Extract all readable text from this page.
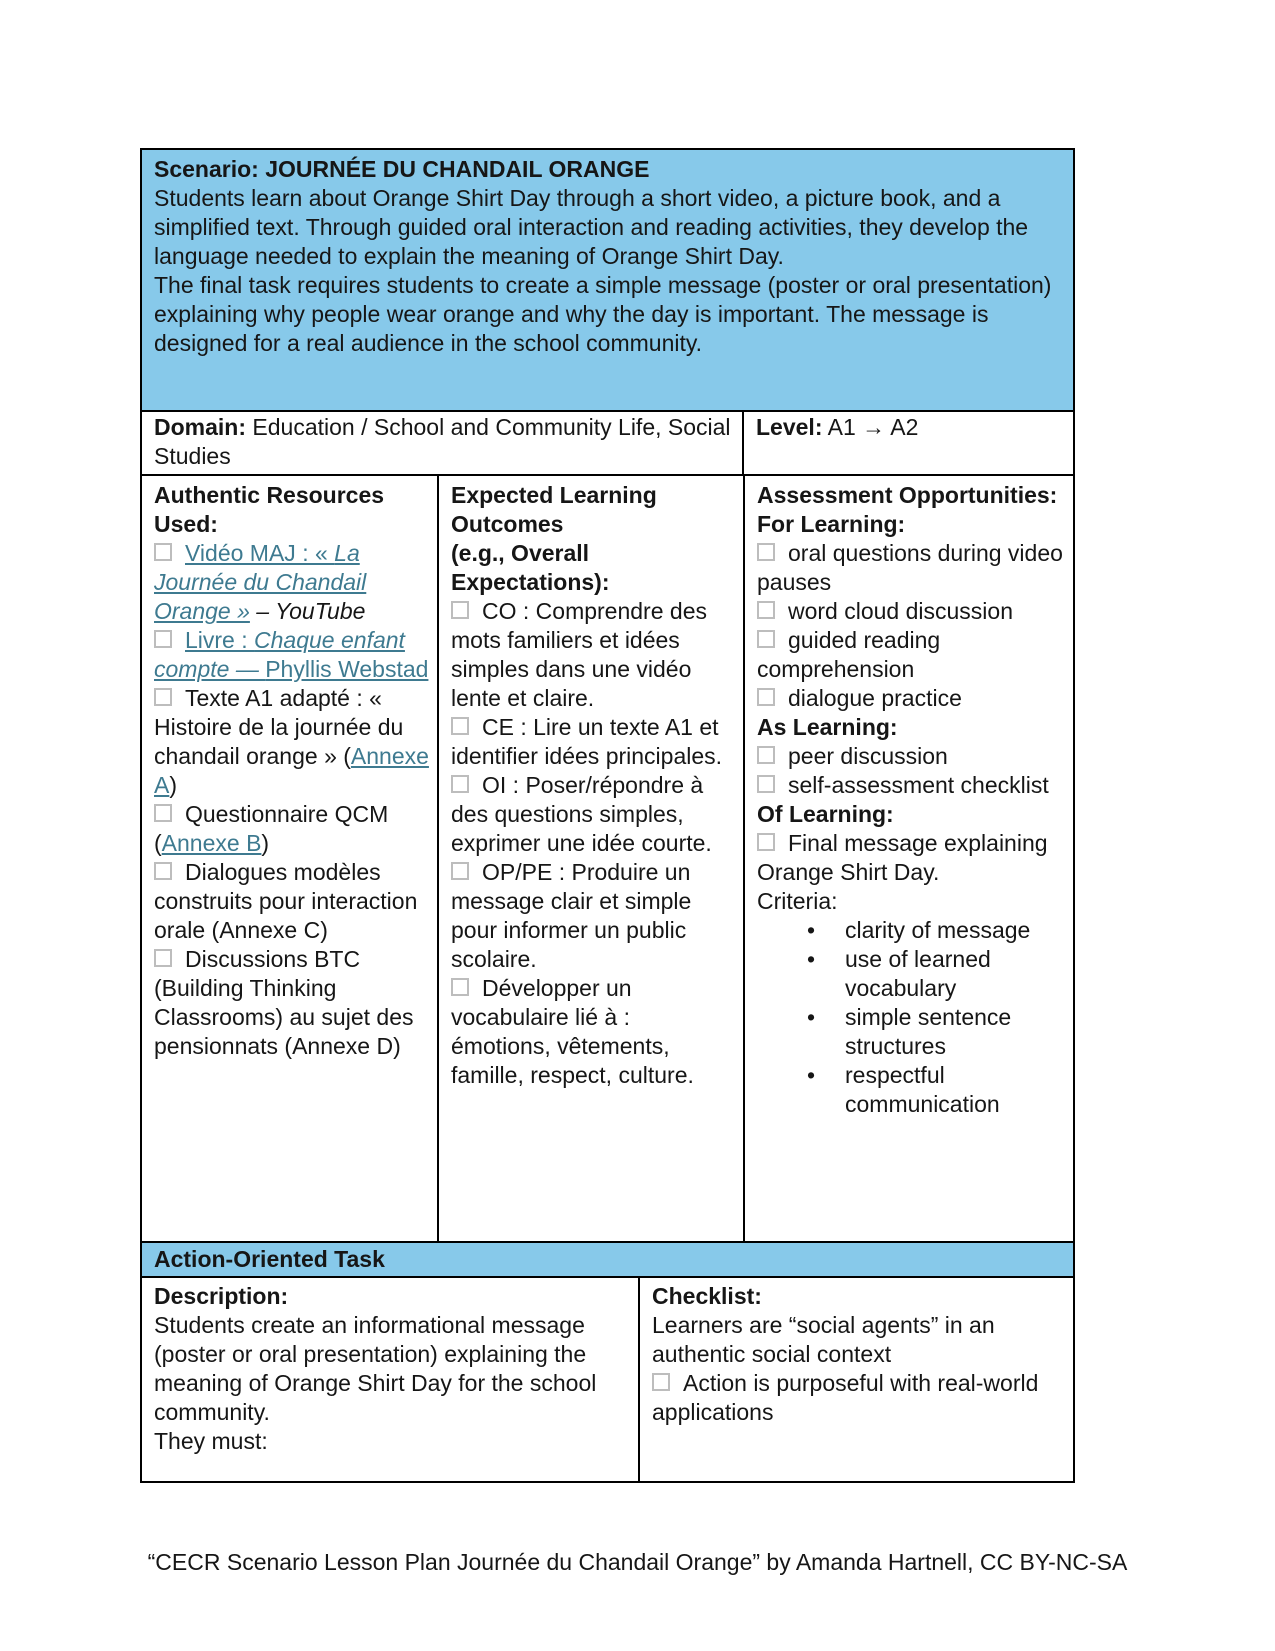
Scenario: JOURNÉE DU CHANDAIL ORANGE
Students learn about Orange Shirt Day through a short video, a picture book, and a simplified text. Through guided oral interaction and reading activities, they develop the language needed to explain the meaning of Orange Shirt Day.
The final task requires students to create a simple message (poster or oral presentation) explaining why people wear orange and why the day is important. The message is designed for a real audience in the school community.
Domain: Education / School and Community Life, Social Studies
Level: A1 → A2
Authentic Resources Used:
Vidéo MAJ : « La Journée du Chandail Orange » – YouTube
Livre : Chaque enfant compte — Phyllis Webstad
Texte A1 adapté : « Histoire de la journée du chandail orange » (Annexe A)
Questionnaire QCM (Annexe B)
Dialogues modèles construits pour interaction orale (Annexe C)
Discussions BTC (Building Thinking Classrooms) au sujet des pensionnats (Annexe D)
Expected Learning Outcomes
(e.g., Overall Expectations):
CO : Comprendre des mots familiers et idées simples dans une vidéo lente et claire.
CE : Lire un texte A1 et identifier idées principales.
OI : Poser/répondre à des questions simples, exprimer une idée courte.
OP/PE : Produire un message clair et simple pour informer un public scolaire.
Développer un vocabulaire lié à : émotions, vêtements, famille, respect, culture.
Assessment Opportunities:
For Learning:
oral questions during video pauses
word cloud discussion
guided reading comprehension
dialogue practice
As Learning:
peer discussion
self-assessment checklist
Of Learning:
Final message explaining Orange Shirt Day.
Criteria:
• clarity of message
• use of learned vocabulary
• simple sentence structures
• respectful communication
Action-Oriented Task
Description:
Students create an informational message (poster or oral presentation) explaining the meaning of Orange Shirt Day for the school community.
They must:
Checklist:
Learners are “social agents” in an authentic social context
Action is purposeful with real-world applications
“CECR Scenario Lesson Plan Journée du Chandail Orange” by Amanda Hartnell, CC BY-NC-SA
